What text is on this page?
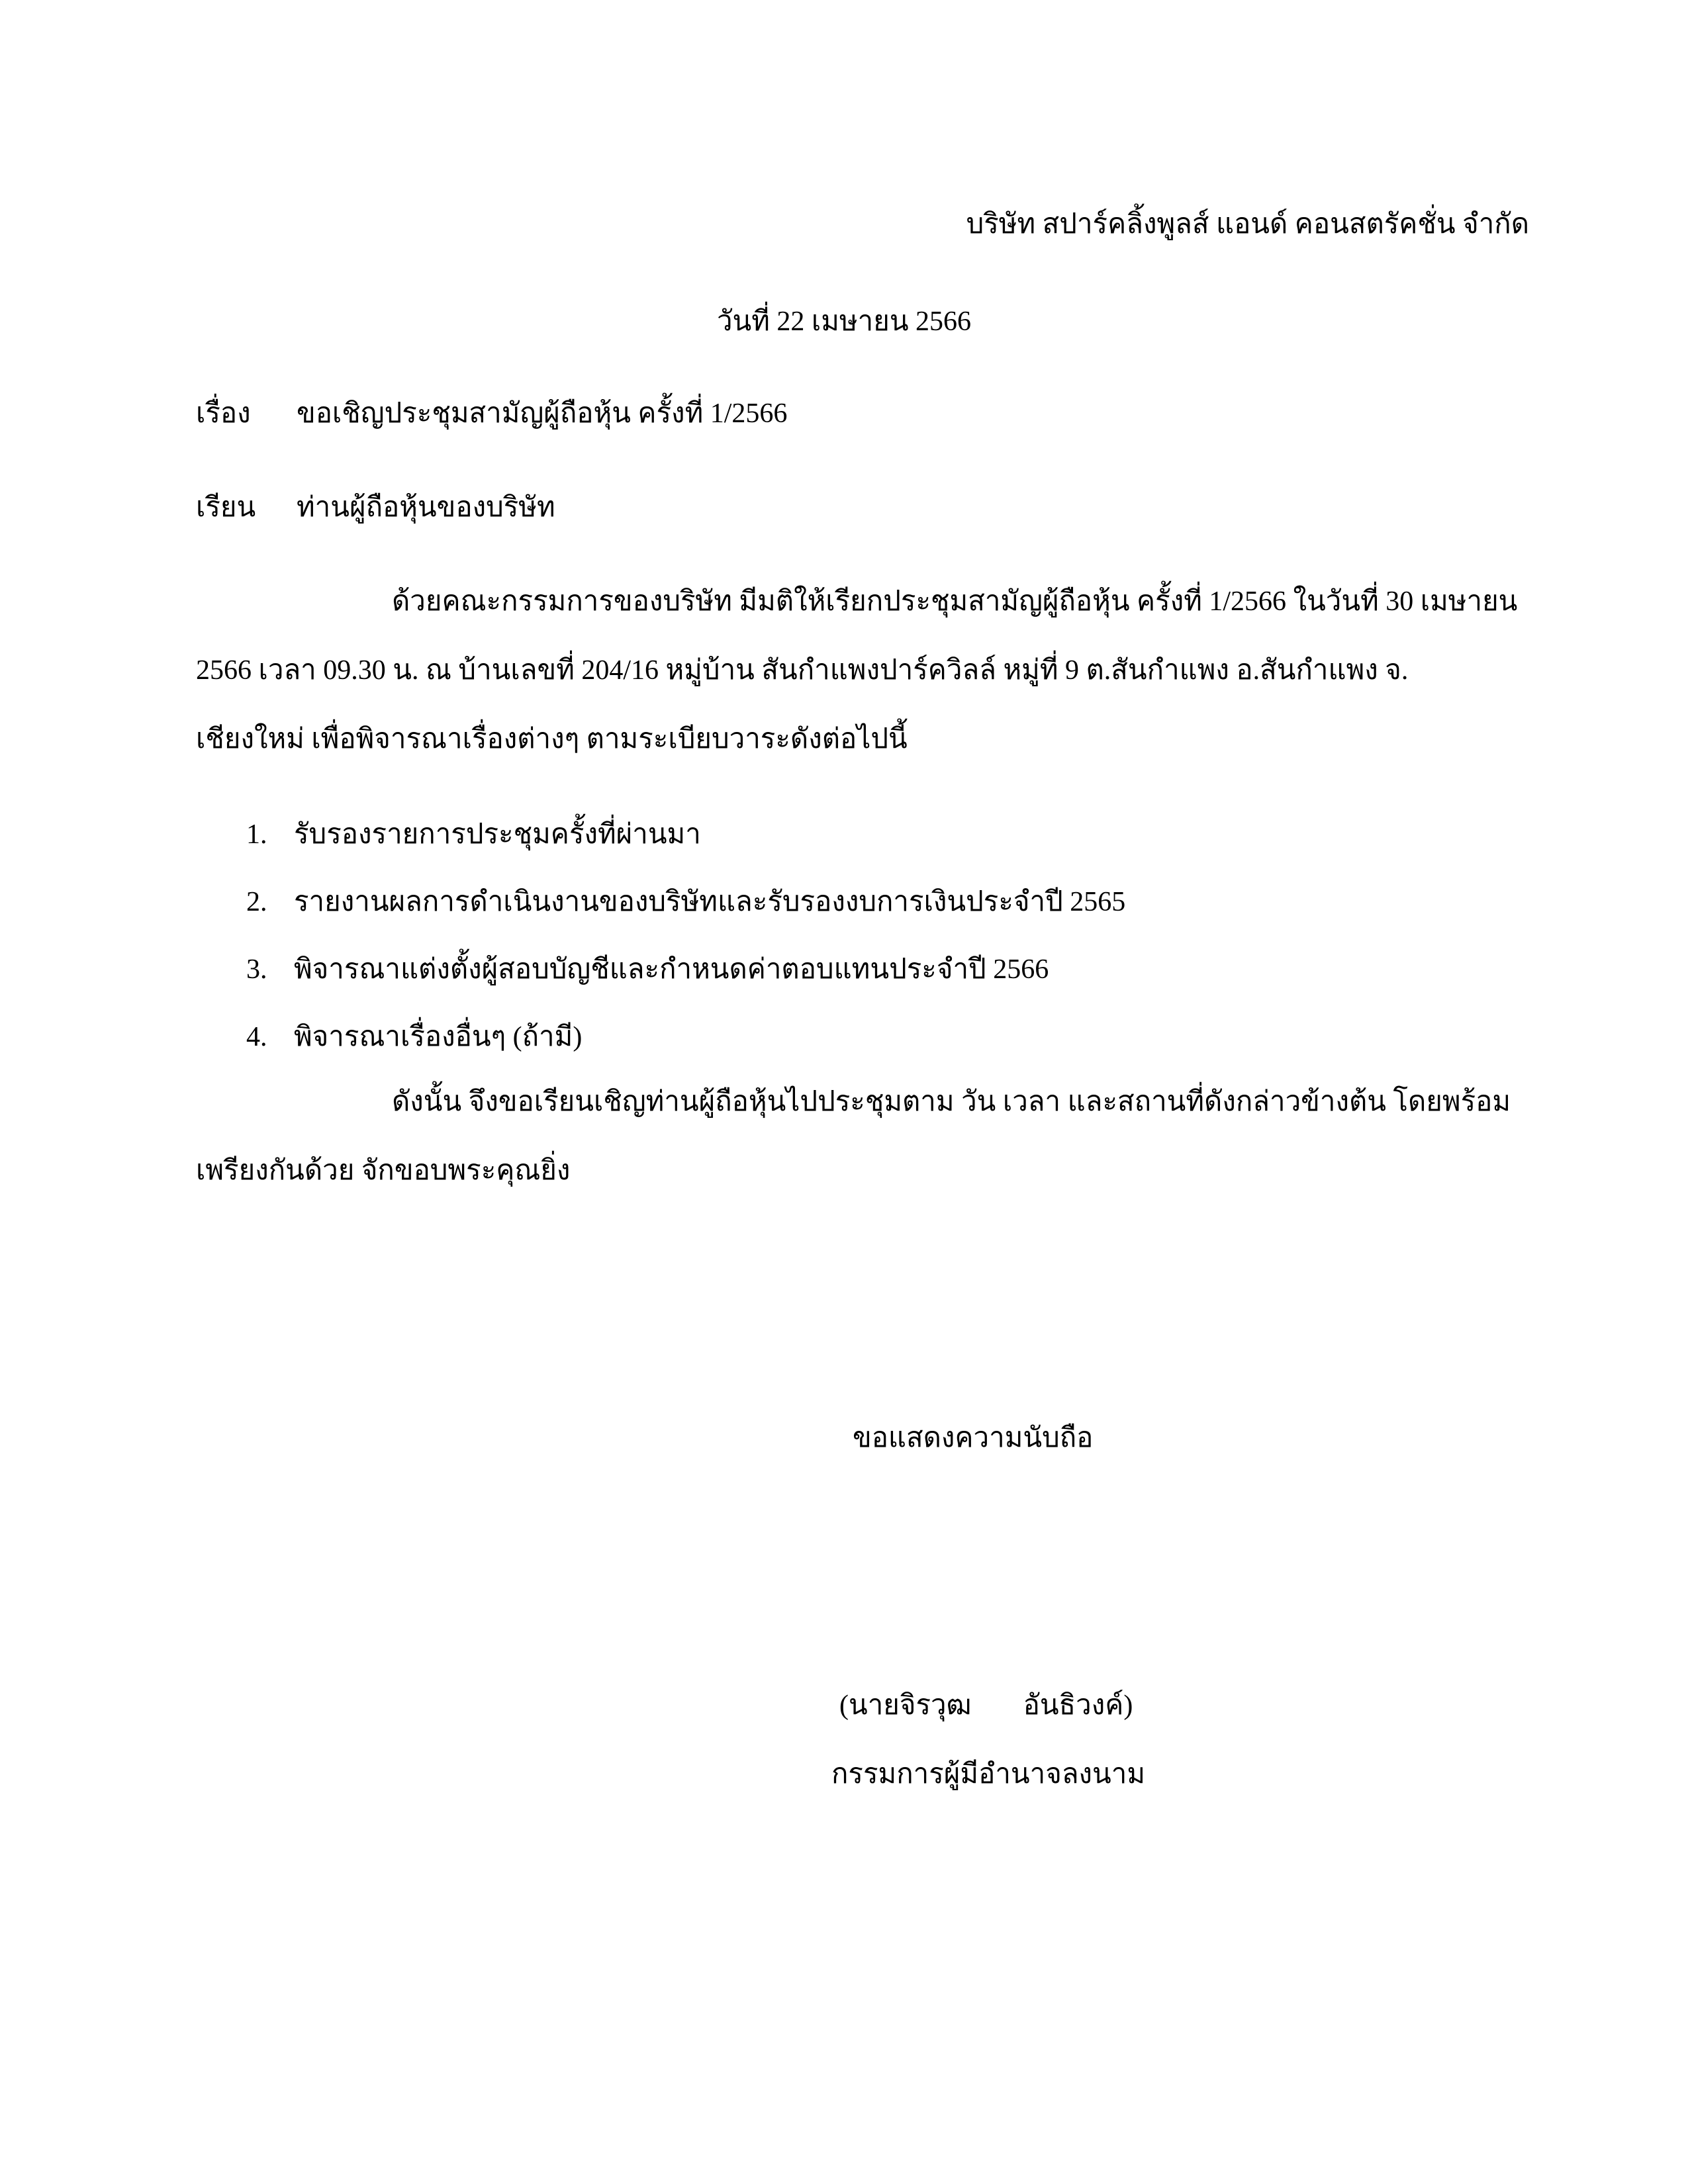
บริษัท สปาร์คลิ้งพูลส์ แอนด์ คอนสตรัคชั่น จำกัด
วันที่ 22 เมษายน 2566
เรื่อง ขอเชิญประชุมสามัญผู้ถือหุ้น ครั้งที่ 1/2566
เรียน ท่านผู้ถือหุ้นของบริษัท
ด้วยคณะกรรมการของบริษัท มีมติให้เรียกประชุมสามัญผู้ถือหุ้น ครั้งที่ 1/2566 ในวันที่ 30 เมษายน
2566 เวลา 09.30 น. ณ บ้านเลขที่ 204/16 หมู่บ้าน สันกำแพงปาร์ควิลล์ หมู่ที่ 9 ต.สันกำแพง อ.สันกำแพง จ.
เชียงใหม่ เพื่อพิจารณาเรื่องต่างๆ ตามระเบียบวาระดังต่อไปนี้
1. รับรองรายการประชุมครั้งที่ผ่านมา
2. รายงานผลการดำเนินงานของบริษัทและรับรองงบการเงินประจำปี 2565
3. พิจารณาแต่งตั้งผู้สอบบัญชีและกำหนดค่าตอบแทนประจำปี 2566
4. พิจารณาเรื่องอื่นๆ (ถ้ามี)
ดังนั้น จึงขอเรียนเชิญท่านผู้ถือหุ้นไปประชุมตาม วัน เวลา และสถานที่ดังกล่าวข้างต้น โดยพร้อม
เพรียงกันด้วย จักขอบพระคุณยิ่ง
ขอแสดงความนับถือ
(นายจิรวุฒ อันธิวงค์)
กรรมการผู้มีอำนาจลงนาม
